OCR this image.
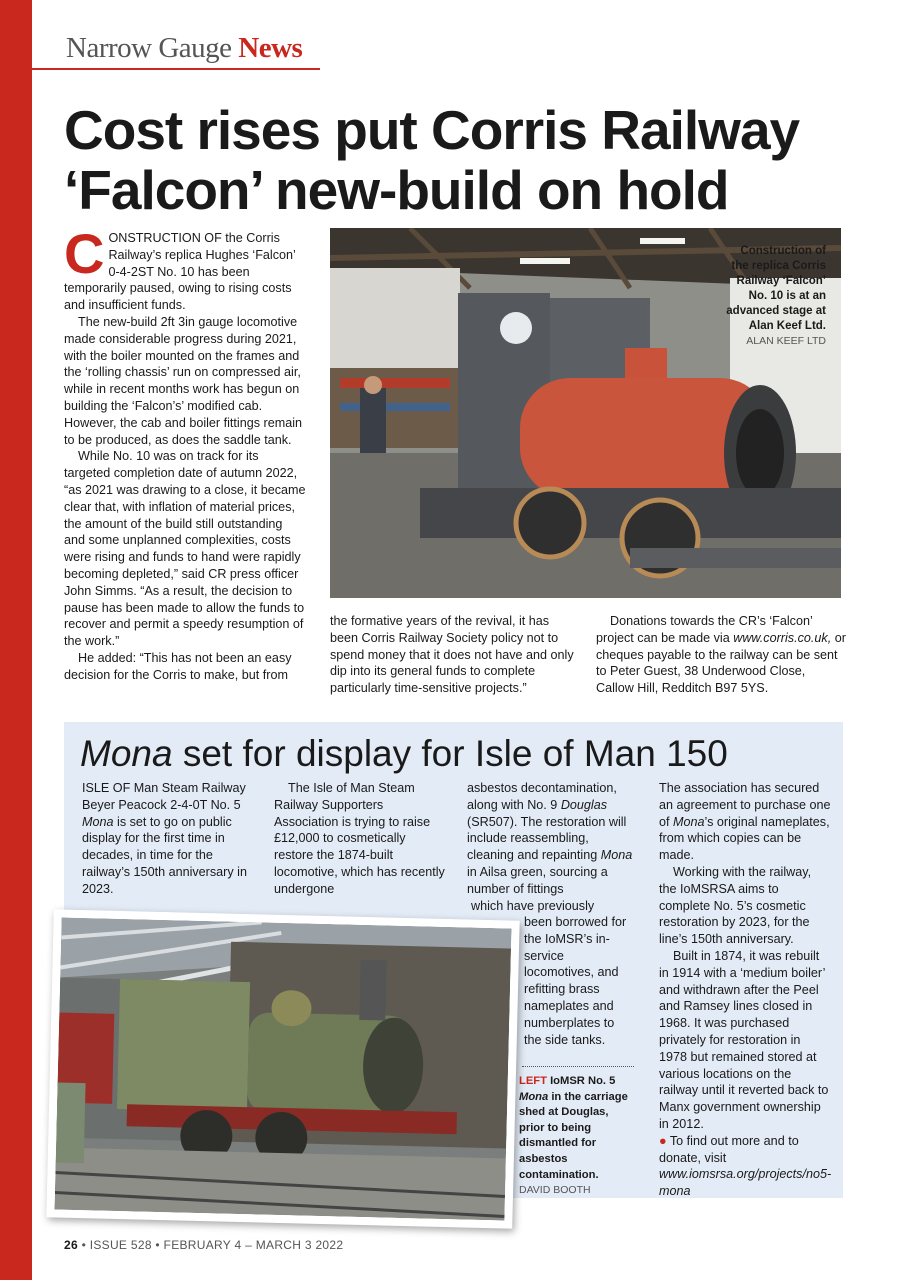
Narrow Gauge News
Cost rises put Corris Railway
‘Falcon’ new-build on hold

CONSTRUCTION OF the Corris Railway’s replica Hughes ‘Falcon’ 0-4-2ST No. 10 has been temporarily paused, owing to rising costs and insufficient funds.

The new-build 2ft 3in gauge locomotive made considerable progress during 2021, with the boiler mounted on the frames and the ‘rolling chassis’ run on compressed air, while in recent months work has begun on building the ‘Falcon’s’ modified cab. However, the cab and boiler fittings remain to be produced, as does the saddle tank.

While No. 10 was on track for its targeted completion date of autumn 2022, “as 2021 was drawing to a close, it became clear that, with inflation of material prices, the amount of the build still outstanding and some unplanned complexities, costs were rising and funds to hand were rapidly becoming depleted,” said CR press officer John Simms. “As a result, the decision to pause has been made to allow the funds to recover and permit a speedy resumption of the work.”

He added: “This has not been an easy decision for the Corris to make, but from

Construction of the replica Corris Railway ‘Falcon’ No. 10 is at an advanced stage at Alan Keef Ltd.
ALAN KEEF LTD

the formative years of the revival, it has been Corris Railway Society policy not to spend money that it does not have and only dip into its general funds to complete particularly time-sensitive projects.”

Donations towards the CR’s ‘Falcon’ project can be made via www.corris.co.uk, or cheques payable to the railway can be sent to Peter Guest, 38 Underwood Close, Callow Hill, Redditch B97 5YS.

Mona set for display for Isle of Man 150

ISLE OF Man Steam Railway Beyer Peacock 2-4-0T No. 5 Mona is set to go on public display for the first time in decades, in time for the railway’s 150th anniversary in 2023.

The Isle of Man Steam Railway Supporters Association is trying to raise £12,000 to cosmetically restore the 1874-built locomotive, which has recently undergone

asbestos decontamination, along with No. 9 Douglas (SR507). The restoration will include reassembling, cleaning and repainting Mona in Ailsa green, sourcing a number of fittings

which have previously

been borrowed for the IoMSR’s in-service locomotives, and refitting brass nameplates and numberplates to the side tanks.

LEFT IoMSR No. 5 Mona in the carriage shed at Douglas, prior to being dismantled for asbestos contamination.
DAVID BOOTH

The association has secured an agreement to purchase one of Mona’s original nameplates, from which copies can be made.

Working with the railway, the IoMSRSA aims to complete No. 5’s cosmetic restoration by 2023, for the line’s 150th anniversary.

Built in 1874, it was rebuilt in 1914 with a ‘medium boiler’ and withdrawn after the Peel and Ramsey lines closed in 1968. It was purchased privately for restoration in 1978 but remained stored at various locations on the railway until it reverted back to Manx government ownership in 2012.

● To find out more and to donate, visit www.iomsrsa.org/projects/no5-mona

26 • ISSUE 528 • FEBRUARY 4 – MARCH 3 2022
